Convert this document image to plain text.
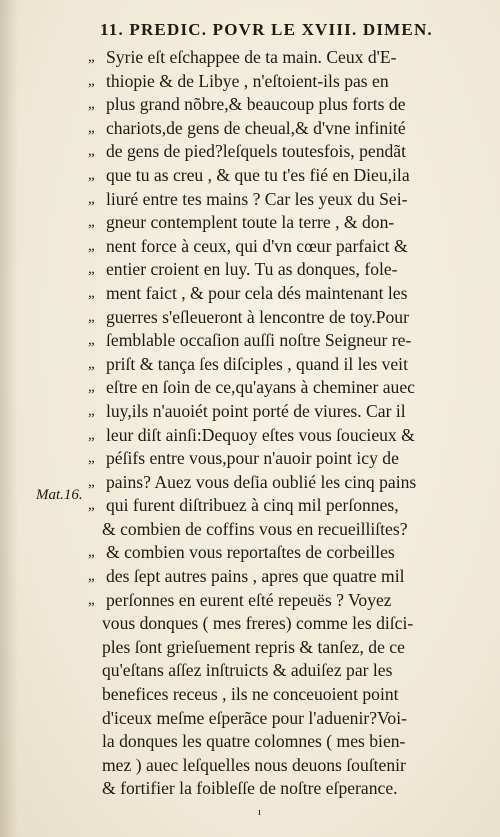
11. PREDIC. POVR LE XVIII. DIMEN.
„ Syrie eſt eſchappee de ta main. Ceux d'E-
„ thiopie & de Libye , n'eſtoient-ils pas en
„ plus grand nõbre,& beaucoup plus forts de
„ chariots,de gens de cheual,& d'vne infinité
„ de gens de pied?leſquels toutesfois, pendãt
„ que tu as creu , & que tu t'es fié en Dieu,ila
„ liuré entre tes mains ? Car les yeux du Sei-
„ gneur contemplent toute la terre , & don-
„ nent force à ceux, qui d'vn cœur parfaict &
„ entier croient en luy. Tu as donques, fole-
„ ment faict , & pour cela dés maintenant les
„ guerres s'eſleueront à lencontre de toy.Pour
„ ſemblable occaſion auſſi noſtre Seigneur re-
„ priſt & tança ſes diſciples , quand il les veit
„ eſtre en ſoin de ce,qu'ayans à cheminer auec
„ luy,ils n'auoiét point porté de viures. Car il
„ leur diſt ainſi:Dequoy eſtes vous ſoucieux &
„ péſifs entre vous,pour n'auoir point icy de
„ pains? Auez vous deſia oublié les cinq pains
„ qui furent diſtribuez à cinq mil perſonnes,
& combien de coffins vous en recueilliſtes?
„ & combien vous reportaſtes de corbeilles
„ des ſept autres pains , apres que quatre mil
„ perſonnes en eurent eſté repeuës ? Voyez
vous donques ( mes freres) comme les diſci-
ples ſont grieſuement repris & tanſez, de ce
qu'eſtans aſſez inſtruicts & aduiſez par les
benefices receus , ils ne conceuoient point
d'iceux meſme eſperãce pour l'aduenir?Voi-
la donques les quatre colomnes ( mes bien-
mez ) auec leſquelles nous deuons ſouſtenir
& fortifier la foibleſſe de noſtre eſperance.
Mat.16.
ı
